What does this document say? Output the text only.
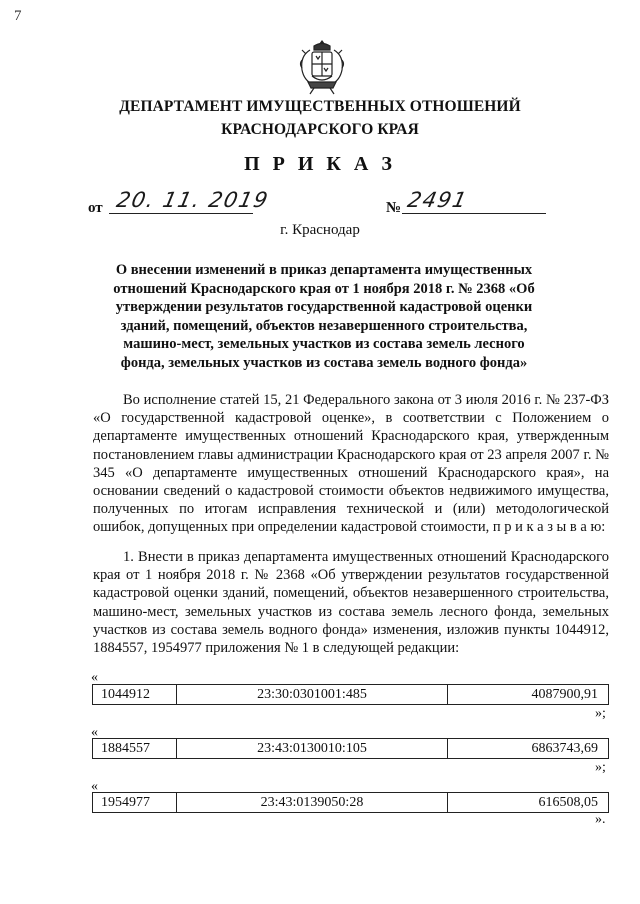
7
ДЕПАРТАМЕНТ ИМУЩЕСТВЕННЫХ ОТНОШЕНИЙ
КРАСНОДАРСКОГО КРАЯ
П Р И К А З
от 20. 11. 2019	№ 2491
г. Краснодар
О внесении изменений в приказ департамента имущественных отношений Краснодарского края от 1 ноября 2018 г. № 2368 «Об утверждении результатов государственной кадастровой оценки зданий, помещений, объектов незавершенного строительства, машино-мест, земельных участков из состава земель лесного фонда, земельных участков из состава земель водного фонда»
Во исполнение статей 15, 21 Федерального закона от 3 июля 2016 г. № 237-ФЗ «О государственной кадастровой оценке», в соответствии с Положением о департаменте имущественных отношений Краснодарского края, утвержденным постановлением главы администрации Краснодарского края от 23 апреля 2007 г. № 345 «О департаменте имущественных отношений Краснодарского края», на основании сведений о кадастровой стоимости объектов недвижимого имущества, полученных по итогам исправления технической и (или) методологической ошибок, допущенных при определении кадастровой стоимости, п р и к а з ы в а ю:
1. Внести в приказ департамента имущественных отношений Краснодарского края от 1 ноября 2018 г. № 2368 «Об утверждении результатов государственной кадастровой оценки зданий, помещений, объектов незавершенного строительства, машино-мест, земельных участков из состава земель лесного фонда, земельных участков из состава земель водного фонда» изменения, изложив пункты 1044912, 1884557, 1954977 приложения № 1 в следующей редакции:
«
1044912	23:30:0301001:485	4087900,91
»;
«
1884557	23:43:0130010:105	6863743,69
»;
«
1954977	23:43:0139050:28	616508,05
».
